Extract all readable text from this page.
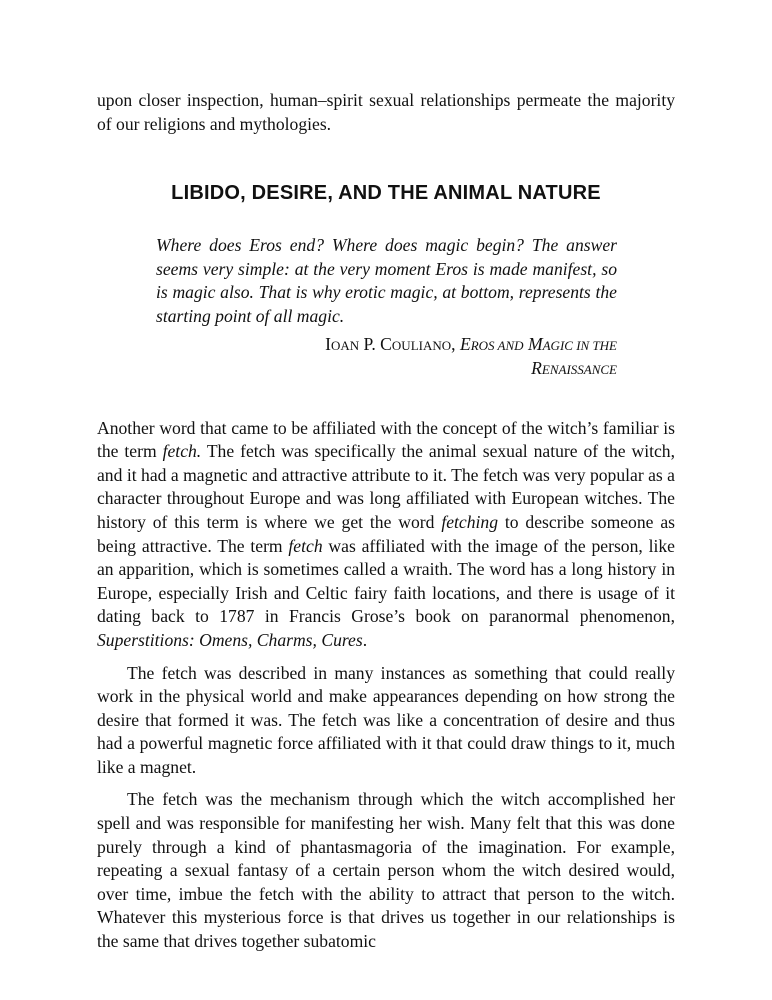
upon closer inspection, human–spirit sexual relationships permeate the majority of our religions and mythologies.

LIBIDO, DESIRE, AND THE ANIMAL NATURE

Where does Eros end? Where does magic begin? The answer seems very simple: at the very moment Eros is made manifest, so is magic also. That is why erotic magic, at bottom, represents the starting point of all magic.

IOAN P. COULIANO, EROS AND MAGIC IN THE
RENAISSANCE

Another word that came to be affiliated with the concept of the witch’s familiar is the term fetch. The fetch was specifically the animal sexual nature of the witch, and it had a magnetic and attractive attribute to it. The fetch was very popular as a character throughout Europe and was long affiliated with European witches. The history of this term is where we get the word fetching to describe someone as being attractive. The term fetch was affiliated with the image of the person, like an apparition, which is sometimes called a wraith. The word has a long history in Europe, especially Irish and Celtic fairy faith locations, and there is usage of it dating back to 1787 in Francis Grose’s book on paranormal phenomenon, Superstitions: Omens, Charms, Cures.

The fetch was described in many instances as something that could really work in the physical world and make appearances depending on how strong the desire that formed it was. The fetch was like a concentration of desire and thus had a powerful magnetic force affiliated with it that could draw things to it, much like a magnet.

The fetch was the mechanism through which the witch accomplished her spell and was responsible for manifesting her wish. Many felt that this was done purely through a kind of phantasmagoria of the imagination. For example, repeating a sexual fantasy of a certain person whom the witch desired would, over time, imbue the fetch with the ability to attract that person to the witch. Whatever this mysterious force is that drives us together in our relationships is the same that drives together subatomic
